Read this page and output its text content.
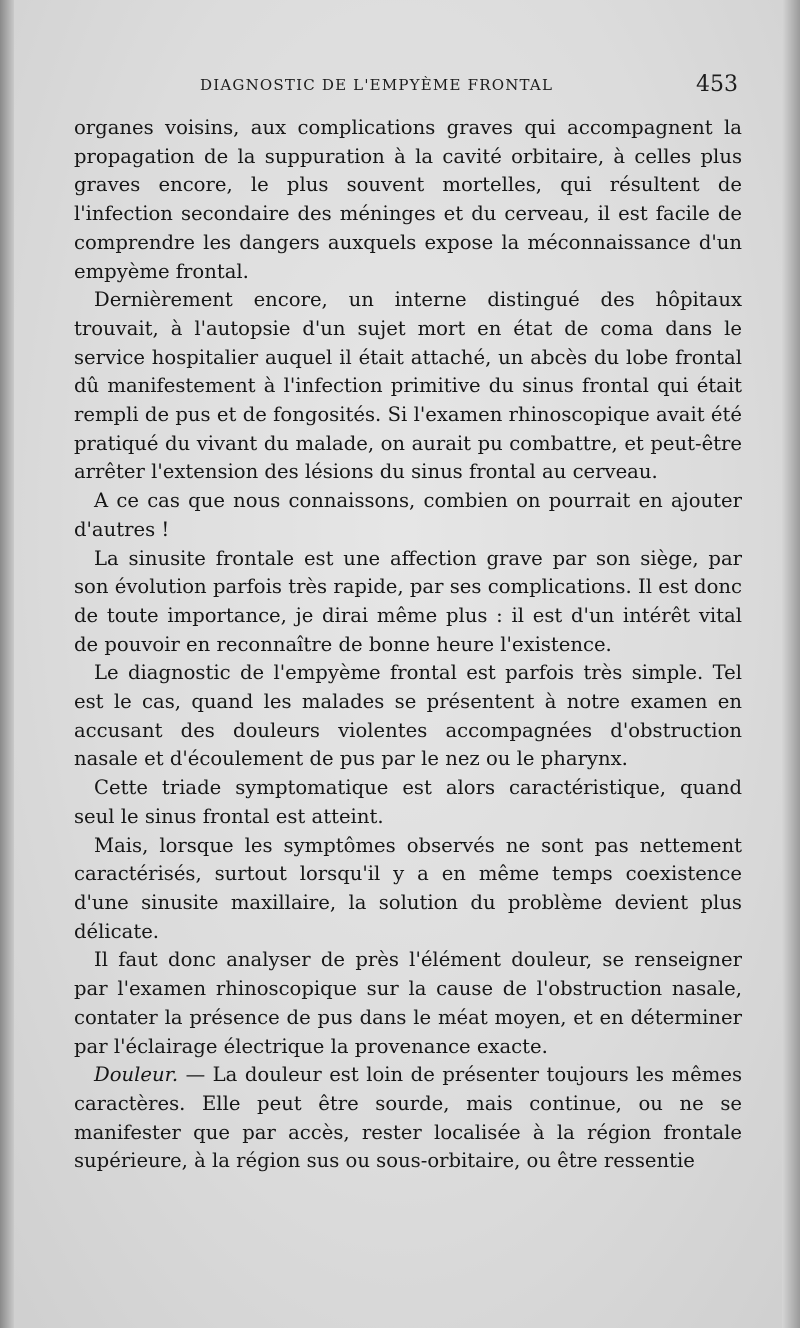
DIAGNOSTIC DE L'EMPYÈME FRONTAL	453

organes voisins, aux complications graves qui accompagnent la propagation de la suppuration à la cavité orbitaire, à celles plus graves encore, le plus souvent mortelles, qui résultent de l'infection secondaire des méninges et du cerveau, il est facile de comprendre les dangers auxquels expose la méconnaissance d'un empyème frontal.

Dernièrement encore, un interne distingué des hôpitaux trouvait, à l'autopsie d'un sujet mort en état de coma dans le service hospitalier auquel il était attaché, un abcès du lobe frontal dû manifestement à l'infection primitive du sinus frontal qui était rempli de pus et de fongosités. Si l'examen rhinoscopique avait été pratiqué du vivant du malade, on aurait pu combattre, et peut-être arrêter l'extension des lésions du sinus frontal au cerveau.

A ce cas que nous connaissons, combien on pourrait en ajouter d'autres !

La sinusite frontale est une affection grave par son siège, par son évolution parfois très rapide, par ses complications. Il est donc de toute importance, je dirai même plus : il est d'un intérêt vital de pouvoir en reconnaître de bonne heure l'existence.

Le diagnostic de l'empyème frontal est parfois très simple. Tel est le cas, quand les malades se présentent à notre examen en accusant des douleurs violentes accompagnées d'obstruction nasale et d'écoulement de pus par le nez ou le pharynx.

Cette triade symptomatique est alors caractéristique, quand seul le sinus frontal est atteint.

Mais, lorsque les symptômes observés ne sont pas nettement caractérisés, surtout lorsqu'il y a en même temps coexistence d'une sinusite maxillaire, la solution du problème devient plus délicate.

Il faut donc analyser de près l'élément douleur, se renseigner par l'examen rhinoscopique sur la cause de l'obstruction nasale, contater la présence de pus dans le méat moyen, et en déterminer par l'éclairage électrique la provenance exacte.

Douleur. — La douleur est loin de présenter toujours les mêmes caractères. Elle peut être sourde, mais continue, ou ne se manifester que par accès, rester localisée à la région frontale supérieure, à la région sus ou sous-orbitaire, ou être ressentie
